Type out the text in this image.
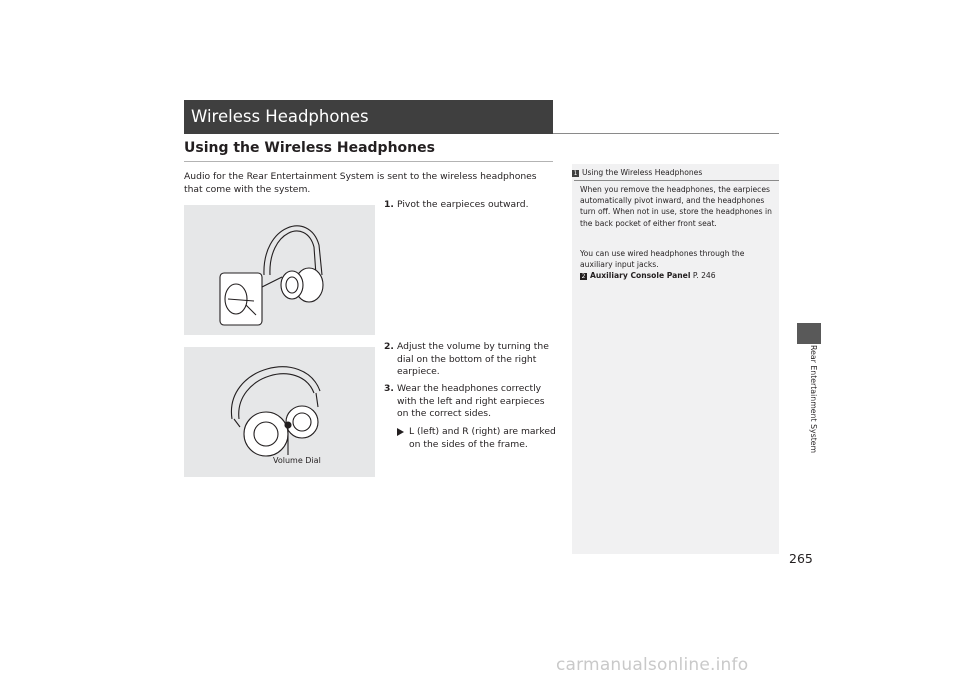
Wireless Headphones
Using the Wireless Headphones
Audio for the Rear Entertainment System is sent to the wireless headphones that come with the system.
Volume Dial
1. Pivot the earpieces outward.
2. Adjust the volume by turning the dial on the bottom of the right earpiece.
3. Wear the headphones correctly with the left and right earpieces on the correct sides.
L (left) and R (right) are marked on the sides of the frame.
1 Using the Wireless Headphones
When you remove the headphones, the earpieces automatically pivot inward, and the headphones turn off. When not in use, store the headphones in the back pocket of either front seat.
You can use wired headphones through the auxiliary input jacks.
2 Auxiliary Console Panel P. 246
Rear Entertainment System
265
carmanualsonline.info
